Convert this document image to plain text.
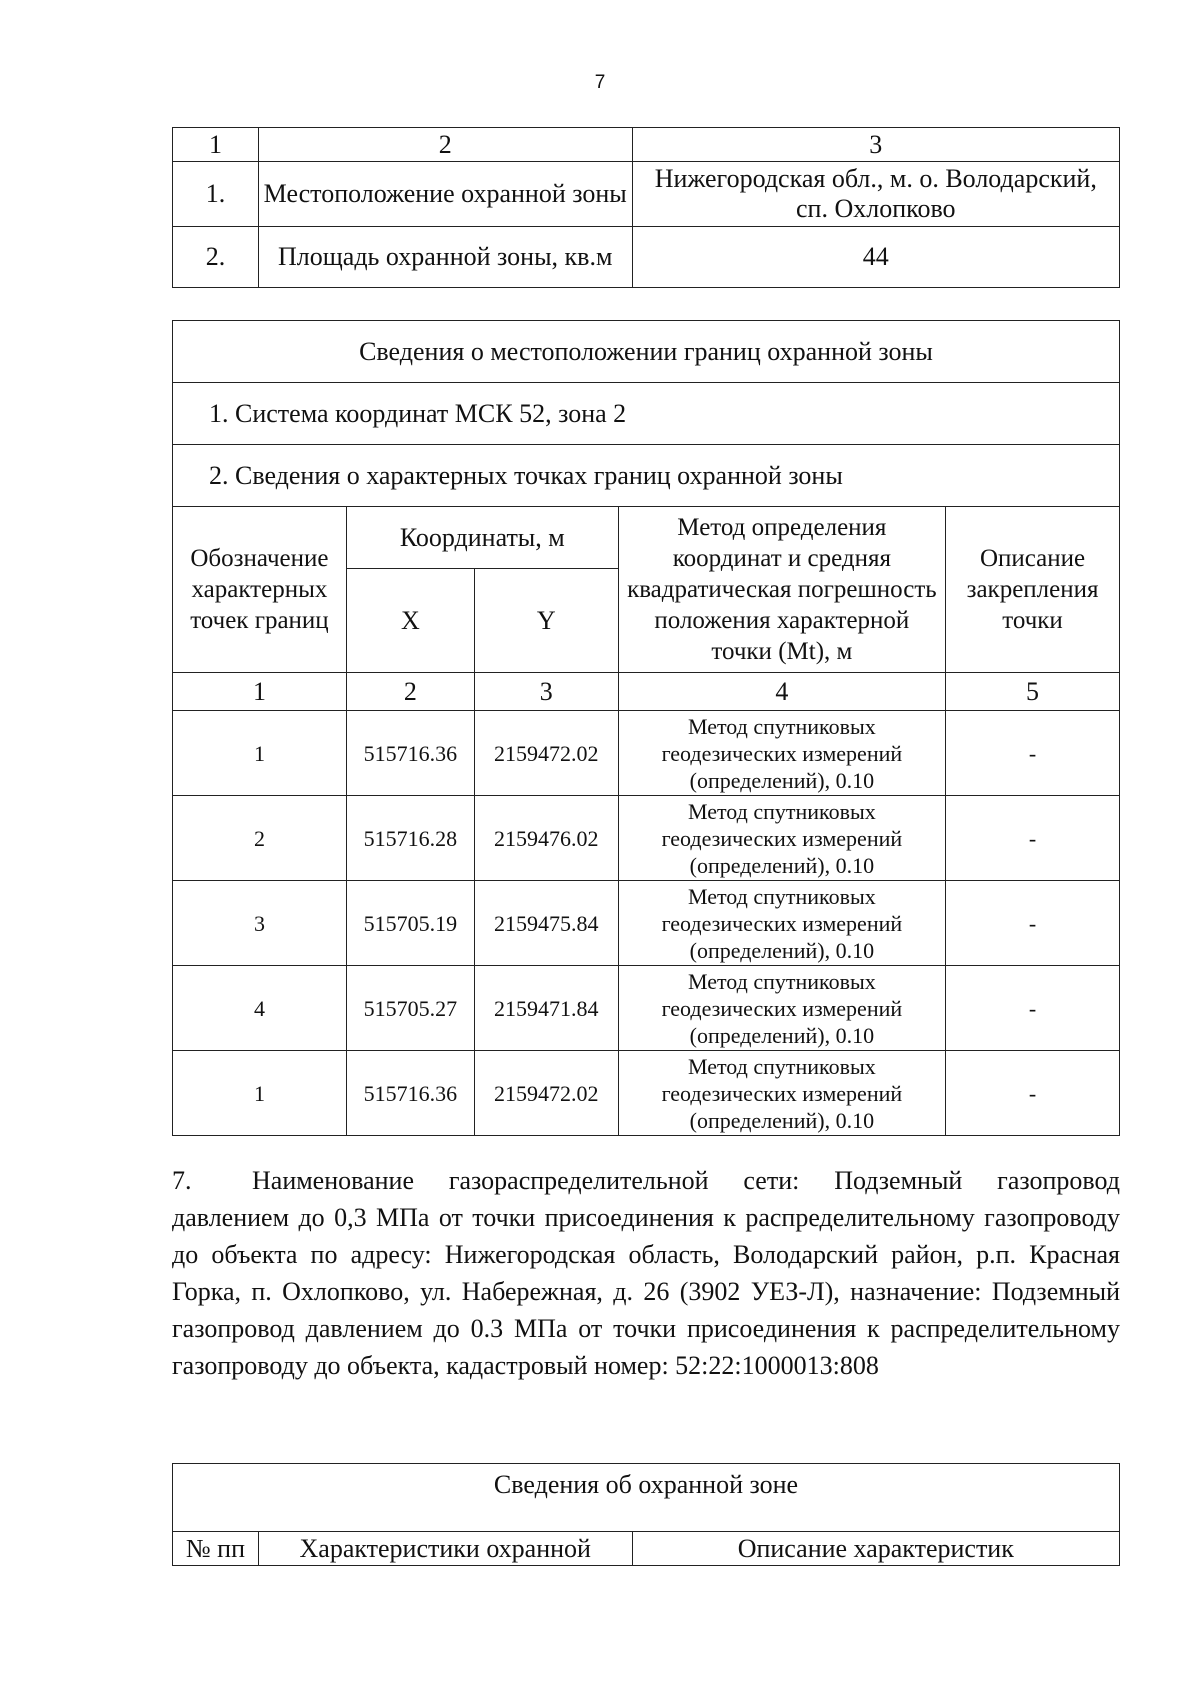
7
1	2	3
1.	Местоположение охранной зоны	Нижегородская обл., м. о. Володарский, сп. Охлопково
2.	Площадь охранной зоны, кв.м	44
Сведения о местоположении границ охранной зоны				
1. Система координат МСК 52, зона 2				
2. Сведения о характерных точках границ охранной зоны				
Обозначение характерных точек границ	Координаты, м		Метод определения координат и средняя квадратическая погрешность положения характерной точки (Mt), м	Описание закрепления точки
	X	Y		
1	2	3	4	5
1	515716.36	2159472.02	Метод спутниковых геодезических измерений (определений), 0.10	-
2	515716.28	2159476.02	Метод спутниковых геодезических измерений (определений), 0.10	-
3	515705.19	2159475.84	Метод спутниковых геодезических измерений (определений), 0.10	-
4	515705.27	2159471.84	Метод спутниковых геодезических измерений (определений), 0.10	-
1	515716.36	2159472.02	Метод спутниковых геодезических измерений (определений), 0.10	-
7. Наименование газораспределительной сети: Подземный газопровод давлением до 0,3 МПа от точки присоединения к распределительному газопроводу до объекта по адресу: Нижегородская область, Володарский район, р.п. Красная Горка, п. Охлопково, ул. Набережная, д. 26 (3902 УЕЗ-Л), назначение: Подземный газопровод давлением до 0.3 МПа от точки присоединения к распределительному газопроводу до объекта, кадастровый номер: 52:22:1000013:808
Сведения об охранной зоне
№ пп	Характеристики охранной	Описание характеристик
